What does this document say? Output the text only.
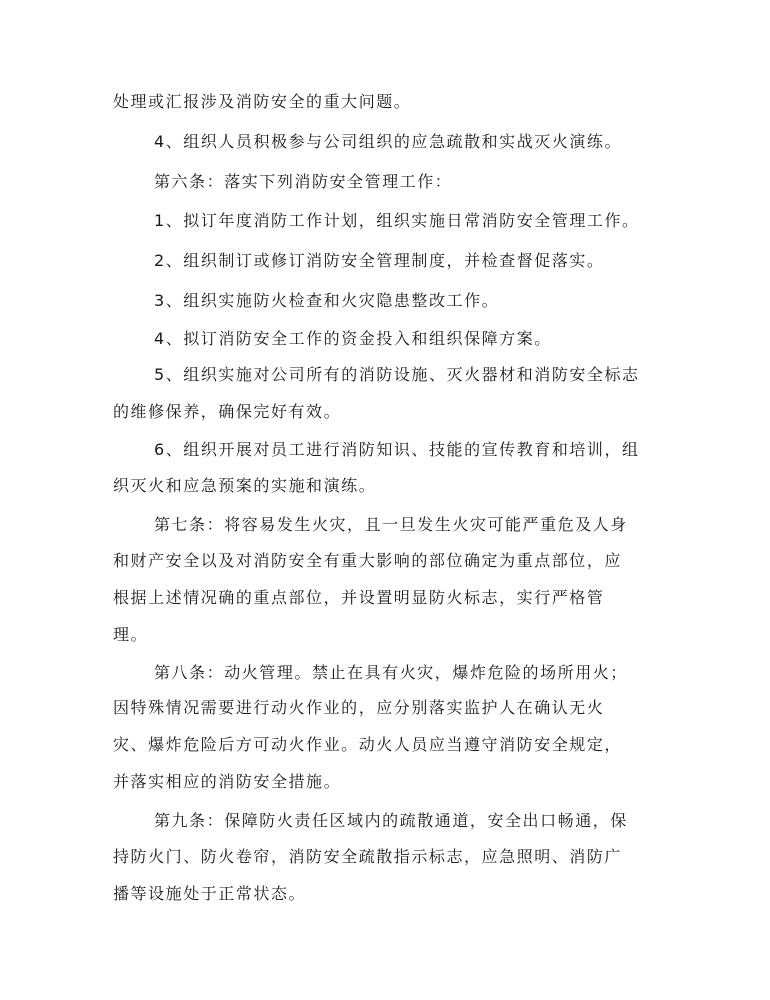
处理或汇报涉及消防安全的重大问题。
4、组织人员积极参与公司组织的应急疏散和实战灭火演练。
第六条：落实下列消防安全管理工作：
1、拟订年度消防工作计划，组织实施日常消防安全管理工作。
2、组织制订或修订消防安全管理制度，并检查督促落实。
3、组织实施防火检查和火灾隐患整改工作。
4、拟订消防安全工作的资金投入和组织保障方案。
5、组织实施对公司所有的消防设施、灭火器材和消防安全标志
的维修保养，确保完好有效。
6、组织开展对员工进行消防知识、技能的宣传教育和培训，组
织灭火和应急预案的实施和演练。
第七条：将容易发生火灾，且一旦发生火灾可能严重危及人身
和财产安全以及对消防安全有重大影响的部位确定为重点部位，应
根据上述情况确的重点部位，并设置明显防火标志，实行严格管
理。
第八条：动火管理。禁止在具有火灾，爆炸危险的场所用火；
因特殊情况需要进行动火作业的，应分别落实监护人在确认无火
灾、爆炸危险后方可动火作业。动火人员应当遵守消防安全规定，
并落实相应的消防安全措施。
第九条：保障防火责任区域内的疏散通道，安全出口畅通，保
持防火门、防火卷帘，消防安全疏散指示标志，应急照明、消防广
播等设施处于正常状态。
